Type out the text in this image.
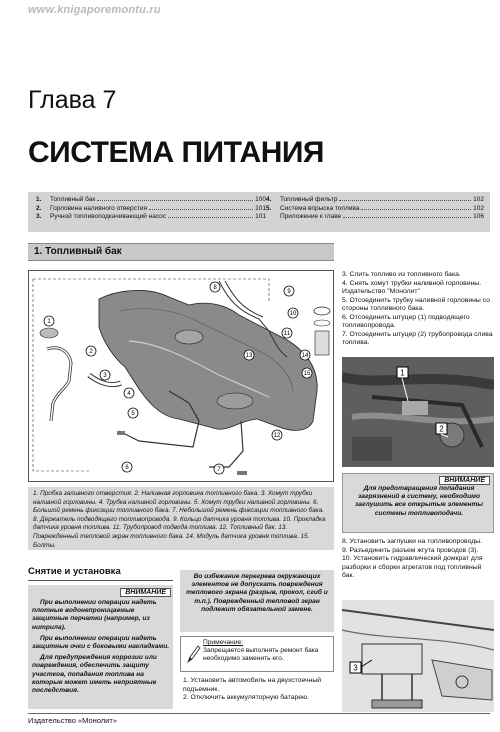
www.knigaporemontu.ru
Глава 7
СИСТЕМА ПИТАНИЯ
1.	Топливный бак	100
2.	Горловина наливного отверстия	101
3.	Ручной топливоподкачивающий насос	101
4.	Топливный фильтр	102
5.	Система впрыска топлива	102
Приложение к главе	106
1. Топливный бак
1
2
3
4
5
6	7
8
9
10
11
12
13	14
15
1. Пробка заливного отверстия. 2. Наливная горловина топливного бака. 3. Хомут трубки наливной горловины. 4. Трубка наливной горловины. 5. Хомут трубки наливной горловины. 6. Большой ремень фиксации топливного бака. 7. Небольшой ремень фиксации топливного бака. 8. Держатель подводящего топливопровода. 9. Кольцо датчика уровня топлива. 10. Прокладка датчика уровня топлива. 11. Трубопровод подвода топлива. 12. Топливный бак. 13. Поврежденный тепловой экран топливного бака. 14. Модуль датчика уровня топлива. 15. Болты.

3. Слить топливо из топливного бака.

4. Снять хомут трубки наливной горловины. Издательство "Монолит"

5. Отсоединить трубку наливной горловины со стороны топливного бака.

6. Отсоединить штуцер (1) подводящего топливопровода.

7. Отсоединить штуцер (2) трубопровода слива топлива.

1
2
ВНИМАНИЕ
Для предотвращения попадания загрязнений в систему, необходимо заглушить все открытые элементы системы топливоподачи.

8. Установить заглушки на топливопроводы.

9. Разъединить разъем жгута проводов (3).

10. Установить гидравлический домкрат для разборки и сборки агрегатов под топливный бак.

3
Снятие и установка
ВНИМАНИЕ

При выполнении операции надеть плотные водонепроницаемые защитные перчатки (например, из нитрила).

При выполнении операции надеть защитные очки с боковыми накладками.

Для предупреждения коррозии или повреждения, обеспечить защиту участков, попадания топлива на которые может иметь неприятные последствия.

Во избежание перегрева окружающих элементов не допускать повреждения теплового экрана (разрыв, прокол, сгиб и т.п.). Поврежденный тепловой экран подлежит обязательной замене.
Примечание:
Запрещается выполнять ремонт бака необходимо заменить его.

1. Установить автомобиль на двухстоечный подъемник.

2. Отключить аккумуляторную батарею.

Издательство «Монолит»
